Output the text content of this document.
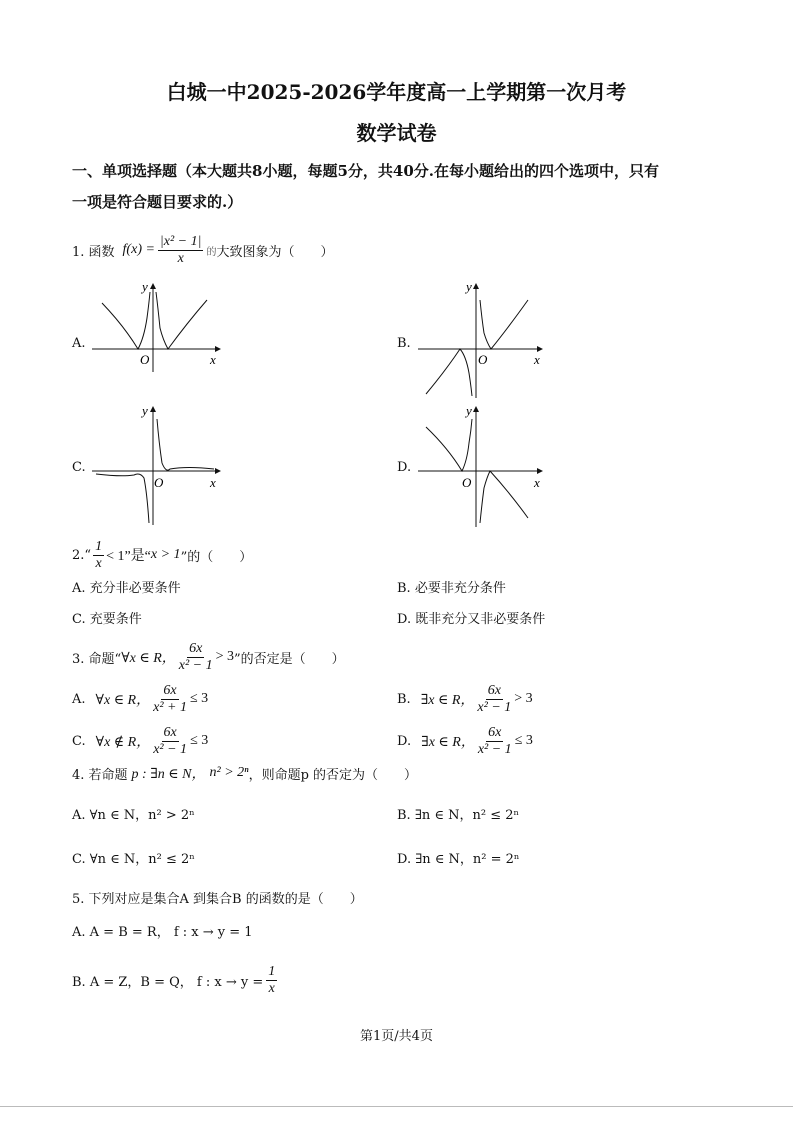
白城一中2025-2026学年度高一上学期第一次月考
数学试卷
一、单项选择题（本大题共8小题，每题5分，共40分.在每小题给出的四个选项中，只有
一项是符合题目要求的.）
1. 函数 $f(x) = \frac{\text{|x² − 1|}}{x}$ 的 大致图象为（　　）
A.	B.
C.	D.
x
y
O	x
y
O
x
y
O	x
y
O
2. “ $\frac{1}{x} < 1$”是“ x > 1 ”的（　　）
A. 充分非必要条件	B. 必要非充分条件
C. 充要条件	D. 既非充分又非必要条件
3. 命题“ ∀x ∈ R， $\frac{6x}{\text{x² − 1}} > 3$ ”的否定是（　　）
A. ∀x ∈ R， $\frac{6x}{\text{x² + 1}} \le 3$	B. ∃x ∈ R， $\frac{6x}{\text{x² − 1}} > 3$
C. ∀x ∉ R， $\frac{6x}{\text{x² − 1}} \le 3$	D. ∃x ∈ R， $\frac{6x}{\text{x² − 1}} \le 3$
4. 若命题 p : ∃n ∈ N， n² > 2ⁿ ，则命题p 的否定为（　　）
A. ∀n ∈ N，n² > 2ⁿ	B. ∃n ∈ N，n² ≤ 2ⁿ
C. ∀n ∈ N，n² ≤ 2ⁿ	D. ∃n ∈ N，n² = 2ⁿ
5. 下列对应是集合A 到集合B 的函数的是（　　）
A. A = B = R， f : x → y = 1
B. A = Z，B = Q， f : $x \to y = \frac{1}{x}$
第1页/共4页
